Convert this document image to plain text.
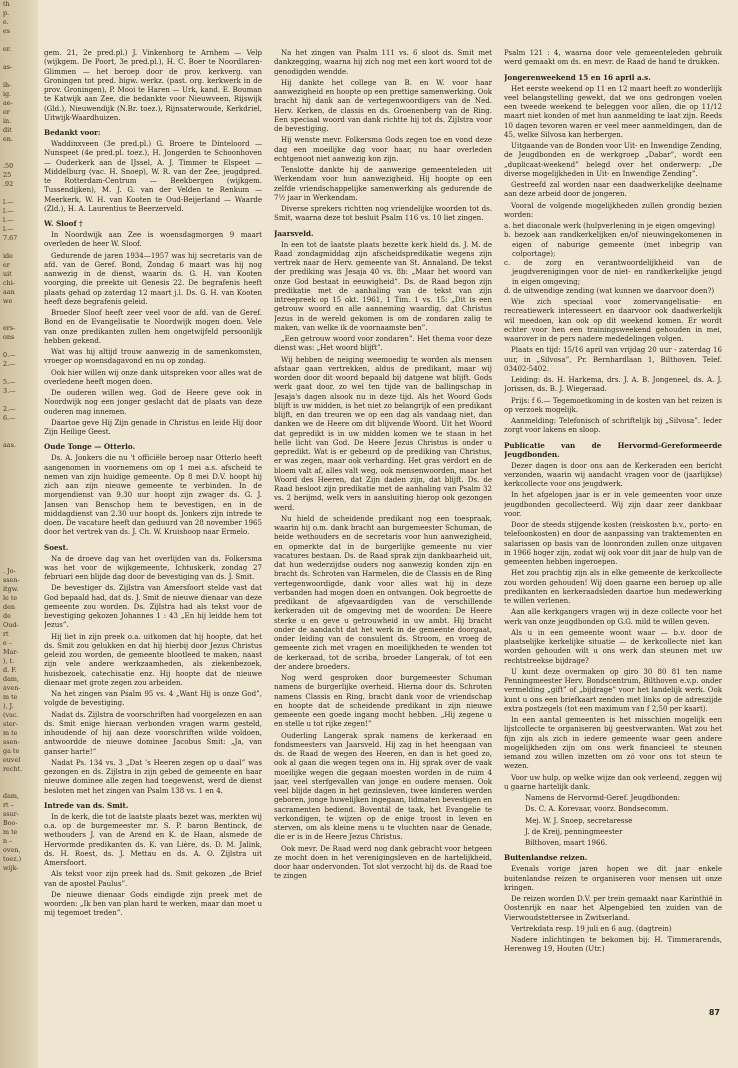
th
p.
e.
es

er.

as-

ih-
ig.
ae-
er
in.
dit
en.

.50
25
.92

l.—
l.—
l.—
l.—
7.67

ide
er
uit
chi-
aan
we

ers-
ons

0.—
2.—

5.—
3.—

2.—
6.—

aas.

. Jo-
ssen-
itgw.
le te
den
de
Oud-
rt
e –
Mar-
), t.
d. F.
dam,
aven-
m te
), J.
(vac.
ster-
m te
ssen-
ga te
euvel
recht.

dam,
rt –
ssur-
Boo-
m te
n –
oven,
toez.)
wijk-

gem. 21, 2e pred.pl.) J. Vinkenborg te Arnhem — Velp (wijkgem. De Poort, 3e pred.pl.), H. C. Boer te Noordlaren-Glimmen — het beroep door de prov. kerkverg. van Groningen tot pred. bigw. werkz. (past. org. kerkwerk in de prov. Groningen), P. Mooi te Haren — Urk, kand. E. Bouman te Katwijk aan Zee, die bedankte voor Nieuwveen, Rijswijk (Gld.), Nieuwendijk (N.Br. toez.), Rijnsaterwoude, Kerkdriel, Uitwijk-Waardhuizen.

Bedankt voor:

Waddinxveen (3e pred.pl.) G. Broere te Dinteloord — Nunspeet (4e pred.pl. toez.), H. Jongerden te Schoonhoven — Ouderkerk aan de IJssel, A. J. Timmer te Elspeet — Middelburg (vac. H. Snoep), W. R. van der Zee, jeugdpred. te Rotterdam-Centrum — Beekbergen (wijkgem. Tussendijken), M. J. G. van der Velden te Renkum — Meerkerk, W. H. van Kooten te Oud-Beijerland — Waarde (Zld.), H. A. Laurentius te Beerzerveld.

W. Sloof †

In Noordwijk aan Zee is woensdagmorgen 9 maart overleden de heer W. Sloof.

Gedurende de jaren 1934—1957 was hij secretaris van de afd. van de Geref. Bond, Zondag 6 maart was hij nog aanwezig in de dienst, waarin ds. G. H. van Kooten voorging, die preekte uit Genesis 22. De begrafenis heeft plaats gehad op zaterdag 12 maart j.l. Ds. G. H. van Kooten heeft deze begrafenis geleid.

Broeder Sloof heeft zeer veel voor de afd. van de Geref. Bond en de Evangelisatie te Noordwijk mogen doen. Vele van onze predikanten zullen hem ongetwijfeld persoonlijk hebben gekend.

Wat was hij altijd trouw aanwezig in de samenkomsten, vroeger op woensdagavond en nu op zondag.

Ook hier willen wij onze dank uitspreken voor alles wat de overledene heeft mogen doen.

De ouderen willen weg. God de Heere geve ook in Noordwijk nog een jonger geslacht dat de plaats van deze ouderen mag innemen.

Daartoe geve Hij Zijn genade in Christus en leide Hij door Zijn Heilige Geest.

Oude Tonge — Otterlo.

Ds. A. Jonkers die nu 't officiële beroep naar Otterlo heeft aangenomen in voornemens om op 1 mei a.s. afscheid te nemen van zijn huidige gemeente. Op 8 mei D.V. hoopt hij zich aan zijn nieuwe gemeente te verbinden. In de morgendienst van 9.30 uur hoopt zijn zwager ds. G. J. Jansen van Benschop hem te bevestigen, en in de middagdienst van 2.30 uur hoopt ds. Jonkers zijn intrede te doen. De vacature heeft dan geduurd van 28 november 1965 door het vertrek van ds. J. Ch. W. Kruishoop naar Ermelo.

Soest.

Na de droeve dag van het overlijden van ds. Folkersma was het voor de wijkgemeente, Ichtuskerk, zondag 27 februari een blijde dag door de bevestiging van ds. J. Smit.

De bevestiger ds. Zijlstra van Amersfoort stelde vast dat God bepaald had, dat ds. J. Smit de nieuwe dienaar van deze gemeente zou worden. Ds. Zijlstra had als tekst voor de bevestiging gekozen Johannes 1 : 43 „En hij leidde hem tot Jezus”.

Hij liet in zijn preek o.a. uitkomen dat hij hoopte, dat het ds. Smit zou gelukken en dat hij hierbij door Jezus Christus geleid zou worden, de gemeente blootleed te maken, naast zijn vele andere werkzaamheden, als ziekenbezoek, huisbezoek, catechisatie enz. Hij hoopte dat de nieuwe dienaar met grote zegen zou arbeiden.

Na het zingen van Psalm 95 vs. 4 „Want Hij is onze God”, volgde de bevestiging.

Nadat ds. Zijlstra de voorschriften had voorgelezen en aan ds. Smit enige hieraan verbonden vragen warm gesteld, inhoudende of hij aan deze voorschriften wilde voldoen, antwoordde de nieuwe dominee Jacobus Smit: „Ja, van ganser harte!”

Nadat Ps. 134 vs. 3 „Dat 's Heeren zegen op u daal” was gezongen en ds. Zijlstra in zijn gebed de gemeente en haar nieuwe dominee alle zegen had toegewenst, werd de dienst besloten met het zingen van Psalm 138 vs. 1 en 4.

Intrede van ds. Smit.

In de kerk, die tot de laatste plaats bezet was, merkten wij o.a. op de burgemeester mr. S. P. baron Bentinck, de wethouders J. van de Arend en K. de Haan, alsmede de Hervormde predikanten ds. K. van Lière, ds. D. M. Jalink, ds. H. Roest, ds. J. Mettau en ds. A. O. Zijlstra uit Amersfoort.

Als tekst voor zijn preek had ds. Smit gekozen „de Brief van de apostel Paulus”.

De nieuwe dienaar Gods eindigde zijn preek met de woorden: „Ik ben van plan hard te werken, maar dan moet u mij tegemoet treden”.

Na het zingen van Psalm 111 vs. 6 sloot ds. Smit met dankzegging, waarna hij zich nog met een kort woord tot de genodigden wendde.

Hij dankte het college van B. en W. voor haar aanwezigheid en hoopte op een prettige samenwerking. Ook bracht hij dank aan de vertegenwoordigers van de Ned. Herv. Kerken, de classis en ds. Groenenberg van de Ring. Een speciaal woord van dank richtte hij tot ds. Zijlstra voor de bevestiging.

Hij wenste mevr. Folkersma Gods zegen toe en vond deze dag een moeilijke dag voor haar, nu haar overleden echtgenoot niet aanwezig kon zijn.

Tenslotte dankte hij de aanwezige gemeenteleden uit Werkendam voor hun aanwezigheid. Hij hoopte op een zelfde vriendschappelijke samenwerking als gedurende de 7½ jaar in Werkendam.

Diverse sprekers richtten nog vriendelijke woorden tot ds. Smit, waarna deze tot besluit Psalm 116 vs. 10 liet zingen.

Jaarsveld.

In een tot de laatste plaats bezette kerk hield ds. J. M. de Raad zondagmiddag zijn afscheidspredikatie wegens zijn vertrek naar de Herv. gemeente van St. Annaland. De tekst der prediking was Jesaja 40 vs. 8b: „Maar het woord van onze God bestaat in eeuwigheid”. Ds. de Raad begon zijn predikatie met de aanhaling van de tekst van zijn intreepreek op 15 okt. 1961, 1 Tim. 1 vs. 15: „Dit is een getrouw woord en alle aanneming waardig, dat Christus Jezus in de wereld gekomen is om de zondaren zalig te maken, van welke ik de voornaamste ben”.

„Een getrouw woord voor zondaren”. Het thema voor deze dienst was: „Het woord blijft”.

Wij hebben de neiging weemoedig te worden als mensen afstaar gaan vertrekken, aldus de predikant, maar wij worden door dit woord bepaald bij datgene wat blijft. Gods werk gaat door, zo wel ten tijde van de ballingschap in Jesaja's dagen alsook nu in deze tijd. Als het Woord Gods blijft is uw midden, is het niet zo belangrijk of een predikant blijft, en dan treuren we op een dag als vandaag niet, dan danken we de Heere om dit blijvende Woord. Uit het Woord dat gepredikt is in uw midden komen we te staan in het helle licht van God. De Heere Jezus Christus is onder u gepredikt. Wat is er gebeurd op de prediking van Christus, er was zegen, maar ook verharding. Het gras verdort en de bloem valt af, alles valt weg, ook mensenwoorden, maar het Woord des Heeren, dat Zijn daden zijn, dat blijft. Ds. de Raad besloot zijn predikatie met de aanhaling van Psalm 32 vs. 2 berijmd, welk vers in aansluiting hierop ook gezongen werd.

Nu hield de scheidende predikant nog een toespraak, waarin hij o.m. dank bracht aan burgemeester Schuman, de beide wethouders en de secretaris voor hun aanwezigheid, en opmerkte dat in de burgerlijke gemeente nu vier vacatures bestaan. Ds. de Raad sprak zijn dankbaarheid uit, dat hun wederzijdse ouders nog aanwezig konden zijn en bracht ds. Schroten van Harmelen, die de Classis en de Ring vertegenwoordigde, dank voor alles wat hij in deze verbanden had mogen doen en ontvangen. Ook begroette de predikant de afgevaardigden van de verschillende kerkeraden uit de omgeving met de woorden: De Heere sterke u en geve u getrouwheid in uw ambt. Hij bracht onder de aandacht dat het werk in de gemeente doorgaat, onder leiding van de consulent ds. Stroom, en vroeg de gemeente zich met vragen en moeilijkheden te wenden tot de kerkeraad, tot de scriba, broeder Langerak, of tot een der andere broeders.

Nog werd gesproken door burgemeester Schuman namens de burgerlijke overheid. Hierna door ds. Schroten namens Classis en Ring, bracht dank voor de vriendschap en hoopte dat de scheidende predikant in zijn nieuwe gemeente een goede ingang mocht hebben. „Hij zegene u en stelle u tot rijke zegen!”

Ouderling Langerak sprak namens de kerkeraad en fondsmeesters van Jaarsveld. Hij zag in het heengaan van ds. de Raad de wegen des Heeren, en dan is het goed zo, ook al gaan die wegen tegen ons in. Hij sprak over de vaak moeilijke wegen die gegaan moesten worden in de ruim 4 jaar, veel sterfgevallen van jonge en oudere mensen. Ook veel blijde dagen in het gezinsleven, twee kinderen werden geboren, jonge huwelijken ingegaan, lidmaten bevestigen en sacramenten bediend. Boventál de taak, het Evangelie te verkondigen, te wijzen op de enige troost in leven en sterven, om als kleine mens u te vluchten naar de Genade, die er is in de Heere Jezus Christus.

Ook mevr. De Raad werd nog dank gebracht voor hetgeen ze mocht doen in het verenigingsleven en de hartelijkheid, door haar ondervonden. Tot slot verzocht hij ds. de Raad toe te zingen

Psalm 121 : 4, waarna door vele gemeenteleden gebruik werd gemaakt om ds. en mevr. de Raad de hand te drukken.

Jongerenweekend 15 en 16 april a.s.

Het eerste weekend op 11 en 12 maart heeft zo wonderlijk veel belangstelling gewekt, dat we ons gedrongen voelen een tweede weekend te beleggen voor allen, die op 11/12 maart niet konden of met hun aanmelding te laat zijn. Reeds 10 dagen tevoren waren er veel meer aanmeldingen, dan de 45, welke Silvosa kan herbergen.

Uitgaande van de Bonden voor Uit- en Inwendige Zending, de Jeugdbonden en de werkgroep „Dabar”, wordt een „duplicaat-weekend” belegd over het onderwerp: „De diverse mogelijkheden in Uit- en Inwendige Zending”.

Gestreefd zal worden naar een daadwerkelijke deelname aan deze arbeid door de jongeren.

Vooral de volgende mogelijkheden zullen grondig bezien worden:

a. het diaconale werk (hulpverlening in je eigen omgeving)
b. bezoek aan randkerkelijken en/of nieuwingekomenen in eigen of naburige gemeente (met inbegrip van colportage);
c. de zorg en verantwoordelijkheid van de jeugdverenigingen voor de niet- en randkerkelijke jeugd in eigen omgeving;
d. de uitwendige zending (wat kunnen we daarvoor doen?)

Wie zich speciaal voor zomervangelisatie- en recreatiewerk interesseert en daarvoor ook daadwerkelijk wil meedoen, kan ook op dit weekend komen. Er wordt echter voor hen een trainingsweekend gehouden in mei, waarover in de pers nadere mededelingen volgen.

Plaats en tijd: 15/16 april van vrijdag 20 uur - zaterdag 16 uur, in „Silvosa”, Pr. Bernhardlaan 1, Bilthoven. Telef. 03402-5402.

Leiding: ds. H. Harkema, drs. J. A. B. Jongeneel, ds. A. J. Jorissen, ds. B. J. Wiegeraad.

Prijs: f 6.— Tegemoetkoming in de kosten van het reizen is op verzoek mogelijk.

Aanmelding: Telefonisch of schriftelijk bij „Silvosa”. Ieder zorgt voor lakens en sloop.

Publicatie van de Hervormd-Gereformeerde Jeugdbonden.

Dezer dagen is door ons aan de Kerkeraden een bericht verzonden, waarin wij aandacht vragen voor de (jaarlijkse) kerkcollecte voor ons jeugdwerk.

In het afgelopen jaar is er in vele gemeenten voor onze jeugdbonden gecollecteerd. Wij zijn daar zeer dankbaar voor.

Door de steeds stijgende kosten (reiskosten b.v., porto- en telefoonkosten) en door de aanpassing van traktementen en salarissen op basis van de loonronden zullen onze uitgaven in 1966 hoger zijn, zodat wij ook voor dit jaar de hulp van de gemeenten hebben ingeroepen.

Het zou prachtig zijn als in elke gemeente de kerkcollecte zou worden gehouden! Wij doen gaarne een beroep op alle predikanten en kerkeraadsleden daartoe hun medewerking te willen verlenen.

Aan alle kerkgangers vragen wij in deze collecte voor het werk van onze jeugdbonden op G.G. mild te willen geven.

Als u in een gemeente woont waar — b.v. door de plaatselijke kerkelijke situatie — de kerkcollecte niet kan worden gehouden wilt u ons werk dan steunen met uw rechtstreekse bijdrage?

U kunt deze overmaken op giro 30 80 81 ten name Penningmeester Herv. Bondscentrum, Bilthoven e.v.p. onder vermelding „gift” of „bijdrage” voor het landelijk werk. Ook kunt u ons een briefkaart zenden met links op de adreszijde extra postzegels (tot een maximum van f 2,50 per kaart).

In een aantal gemeenten is het misschien mogelijk een lijstcollecte te organiseren bij geestverwanten. Wat zou het fijn zijn als zich in iedere gemeente waar geen andere mogelijkheden zijn om ons werk financieel te steunen iemand zou willen inzetten om zó voor ons tot steun te wezen.

Voor uw hulp, op welke wijze dan ook verleend, zeggen wij u gaarne hartelijk dank.

Namens de Hervormd-Geref. Jeugdbonden:

Ds. C. A. Korevaar, voorz. Bondsecomm.

Mej. W. J. Snoep, secretaresse

J. de Kreij, penningmeester

Bilthoven, maart 1966.

Buitenlandse reizen.

Evenals vorige jaren hopen we dit jaar enkele buitenlandse reizen te organiseren voor mensen uit onze kringen.

De reizen worden D.V. per trein gemaakt naar Karinthië in Oostenrijk en naar het Alpengebied ten zuiden van de Vierwoudstettersee in Zwitserland.

Vertrekdata resp. 19 juli en 6 aug. (dagtrein)

Nadere inlichtingen te bekomen bij: H. Timmerarends, Herenweg 19, Houten (Utr.)

87
